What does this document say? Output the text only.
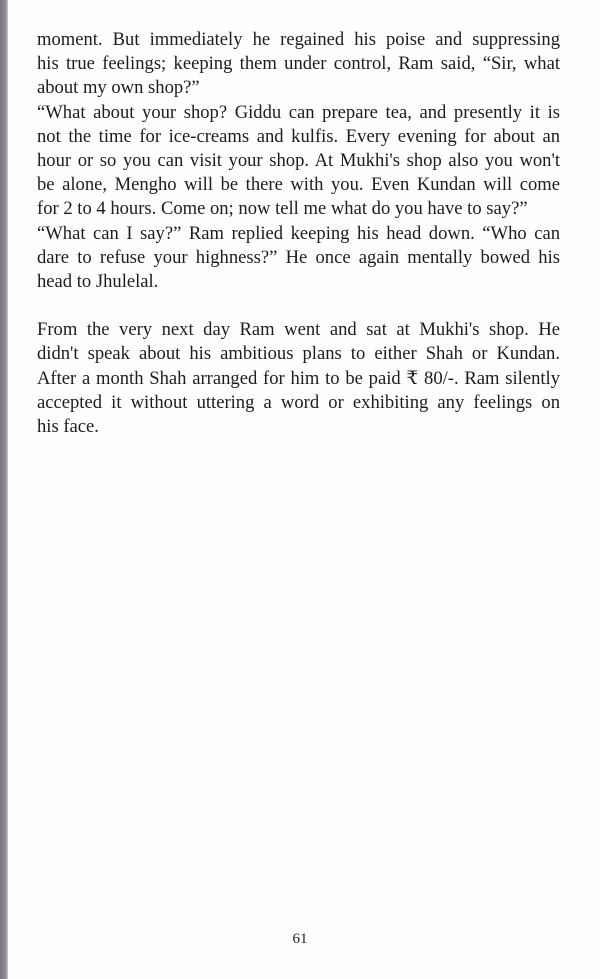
moment. But immediately he regained his poise and suppressing
his true feelings; keeping them under control, Ram said, “Sir, what
about my own shop?”
“What about your shop? Giddu can prepare tea, and presently it is
not the time for ice-creams and kulfis. Every evening for about an
hour or so you can visit your shop. At Mukhi's shop also you won't
be alone, Mengho will be there with you. Even Kundan will come
for 2 to 4 hours. Come on; now tell me what do you have to say?”
“What can I say?” Ram replied keeping his head down. “Who can
dare to refuse your highness?” He once again mentally bowed his
head to Jhulelal.

From the very next day Ram went and sat at Mukhi's shop. He
didn't speak about his ambitious plans to either Shah or Kundan.
After a month Shah arranged for him to be paid ₹ 80/-. Ram silently
accepted it without uttering a word or exhibiting any feelings on
his face.

61
